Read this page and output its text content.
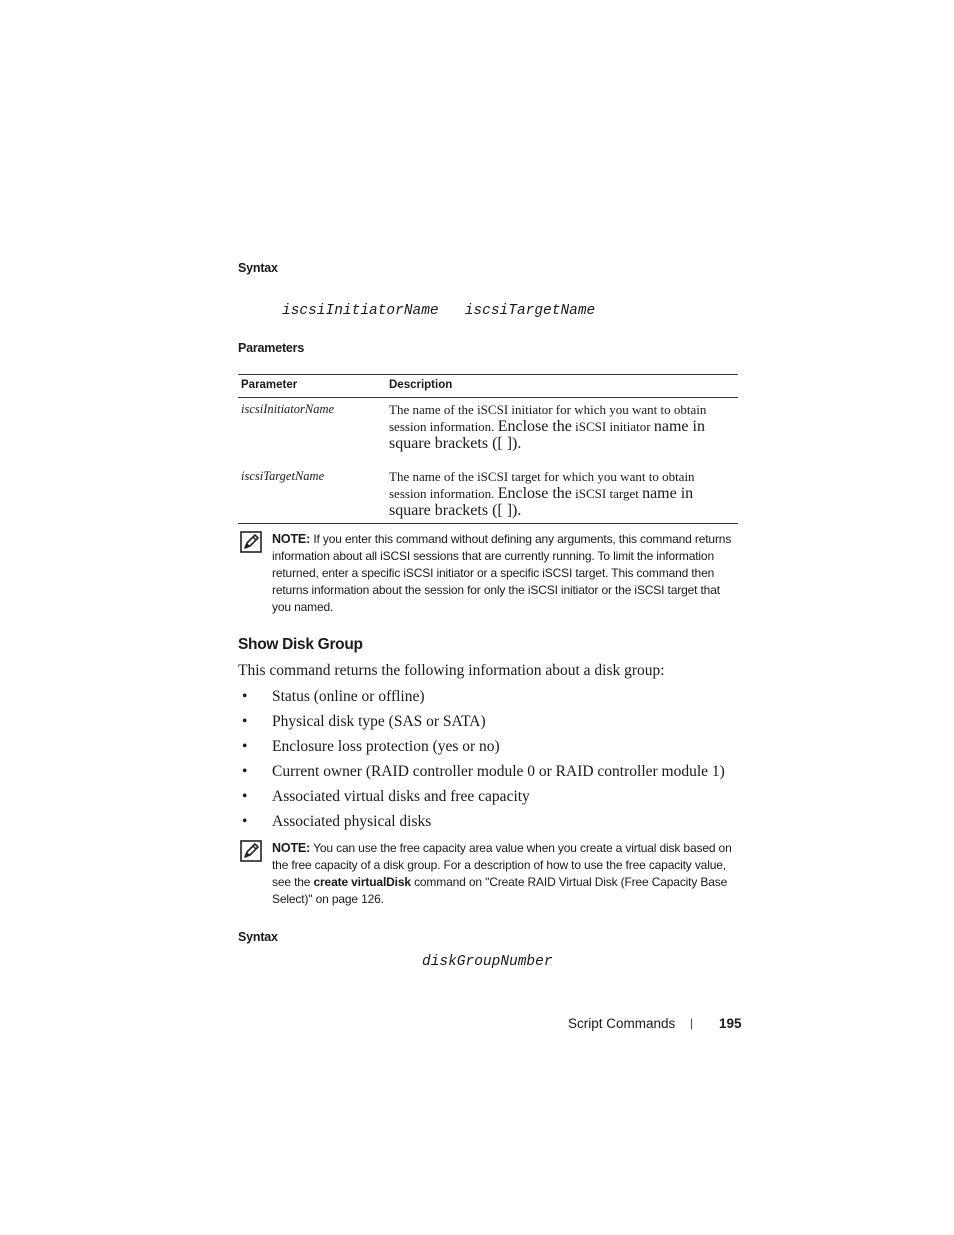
Syntax
iscsiInitiatorName   iscsiTargetName
Parameters
Parameter	Description
iscsiInitiatorName	The name of the iSCSI initiator for which you want to obtain session information. Enclose the iSCSI initiator name in square brackets ([ ]).
iscsiTargetName	The name of the iSCSI target for which you want to obtain session information. Enclose the iSCSI target name in square brackets ([ ]).
NOTE: If you enter this command without defining any arguments, this command returns information about all iSCSI sessions that are currently running. To limit the information returned, enter a specific iSCSI initiator or a specific iSCSI target. This command then returns information about the session for only the iSCSI initiator or the iSCSI target that you named.
Show Disk Group
This command returns the following information about a disk group:
• Status (online or offline)
• Physical disk type (SAS or SATA)
• Enclosure loss protection (yes or no)
• Current owner (RAID controller module 0 or RAID controller module 1)
• Associated virtual disks and free capacity
• Associated physical disks
NOTE: You can use the free capacity area value when you create a virtual disk based on the free capacity of a disk group. For a description of how to use the free capacity value, see the create virtualDisk command on "Create RAID Virtual Disk (Free Capacity Base Select)" on page 126.
Syntax
diskGroupNumber
Script Commands | 195
